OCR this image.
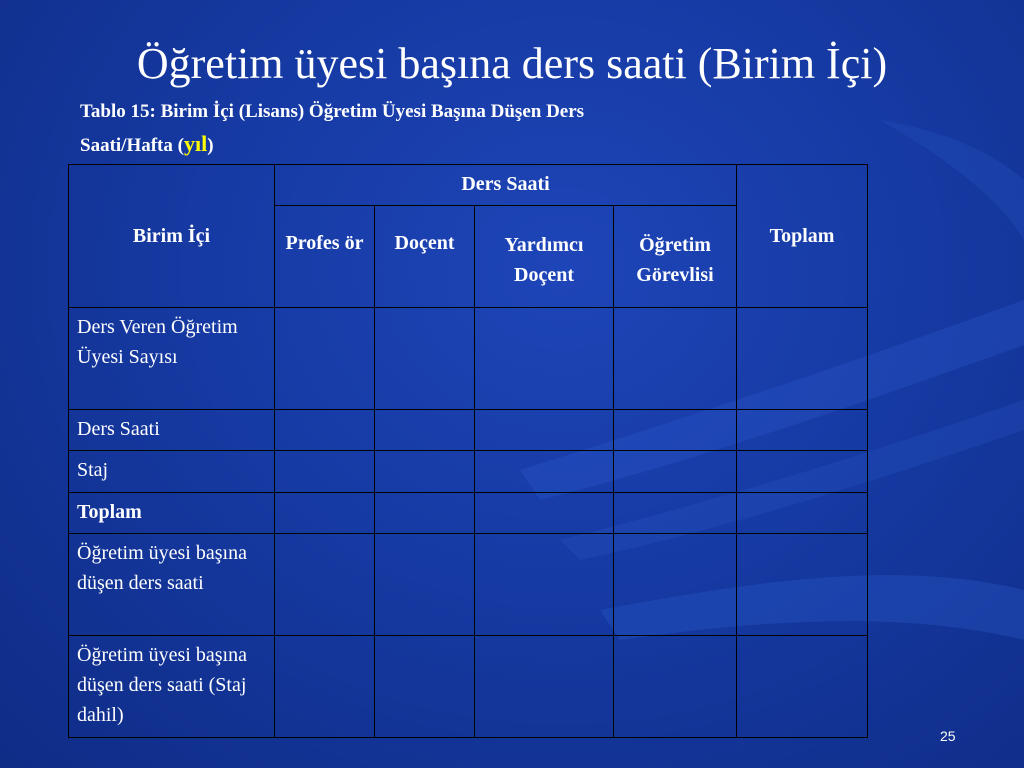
Öğretim üyesi başına ders saati (Birim İçi)
Tablo 15: Birim İçi (Lisans) Öğretim Üyesi Başına Düşen Ders
Saati/Hafta (yıl)
Birim İçi	Ders Saati				Toplam
	Profes ör	Doçent	Yardımcı Doçent	Öğretim Görevlisi	
Ders Veren Öğretim Üyesi Sayısı					
Ders Saati					
Staj					
Toplam					
Öğretim üyesi başına düşen ders saati					
Öğretim üyesi başına düşen ders saati (Staj dahil)					
25
